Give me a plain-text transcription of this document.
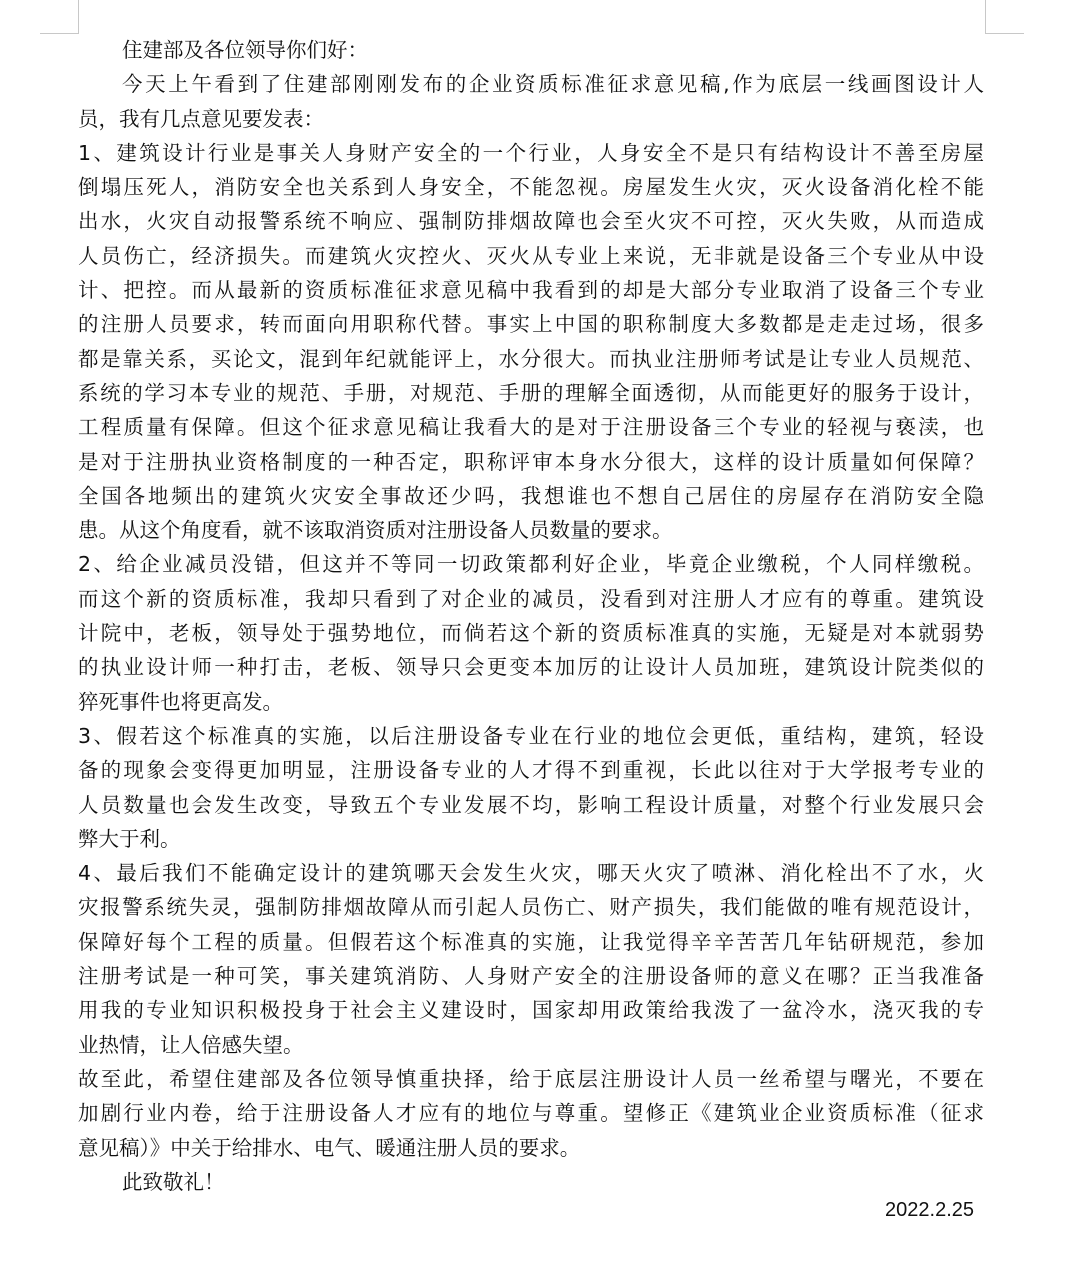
住建部及各位领导你们好：
今天上午看到了住建部刚刚发布的企业资质标准征求意见稿,作为底层一线画图设计人
员，我有几点意见要发表：
1、建筑设计行业是事关人身财产安全的一个行业，人身安全不是只有结构设计不善至房屋
倒塌压死人，消防安全也关系到人身安全，不能忽视。房屋发生火灾，灭火设备消化栓不能
出水，火灾自动报警系统不响应、强制防排烟故障也会至火灾不可控，灭火失败，从而造成
人员伤亡，经济损失。而建筑火灾控火、灭火从专业上来说，无非就是设备三个专业从中设
计、把控。而从最新的资质标准征求意见稿中我看到的却是大部分专业取消了设备三个专业
的注册人员要求，转而面向用职称代替。事实上中国的职称制度大多数都是走走过场，很多
都是靠关系，买论文，混到年纪就能评上，水分很大。而执业注册师考试是让专业人员规范、
系统的学习本专业的规范、手册，对规范、手册的理解全面透彻，从而能更好的服务于设计，
工程质量有保障。但这个征求意见稿让我看大的是对于注册设备三个专业的轻视与亵渎，也
是对于注册执业资格制度的一种否定，职称评审本身水分很大，这样的设计质量如何保障？
全国各地频出的建筑火灾安全事故还少吗，我想谁也不想自己居住的房屋存在消防安全隐
患。从这个角度看，就不该取消资质对注册设备人员数量的要求。
2、给企业减员没错，但这并不等同一切政策都利好企业，毕竟企业缴税，个人同样缴税。
而这个新的资质标准，我却只看到了对企业的减员，没看到对注册人才应有的尊重。建筑设
计院中，老板，领导处于强势地位，而倘若这个新的资质标准真的实施，无疑是对本就弱势
的执业设计师一种打击，老板、领导只会更变本加厉的让设计人员加班，建筑设计院类似的
猝死事件也将更高发。
3、假若这个标准真的实施，以后注册设备专业在行业的地位会更低，重结构，建筑，轻设
备的现象会变得更加明显，注册设备专业的人才得不到重视，长此以往对于大学报考专业的
人员数量也会发生改变，导致五个专业发展不均，影响工程设计质量，对整个行业发展只会
弊大于利。
4、最后我们不能确定设计的建筑哪天会发生火灾，哪天火灾了喷淋、消化栓出不了水，火
灾报警系统失灵，强制防排烟故障从而引起人员伤亡、财产损失，我们能做的唯有规范设计，
保障好每个工程的质量。但假若这个标准真的实施，让我觉得辛辛苦苦几年钻研规范，参加
注册考试是一种可笑，事关建筑消防、人身财产安全的注册设备师的意义在哪？正当我准备
用我的专业知识积极投身于社会主义建设时，国家却用政策给我泼了一盆冷水，浇灭我的专
业热情，让人倍感失望。
故至此，希望住建部及各位领导慎重抉择，给于底层注册设计人员一丝希望与曙光，不要在
加剧行业内卷，给于注册设备人才应有的地位与尊重。望修正《建筑业企业资质标准（征求
意见稿）》中关于给排水、电气、暖通注册人员的要求。
此致敬礼！
2022.2.25
